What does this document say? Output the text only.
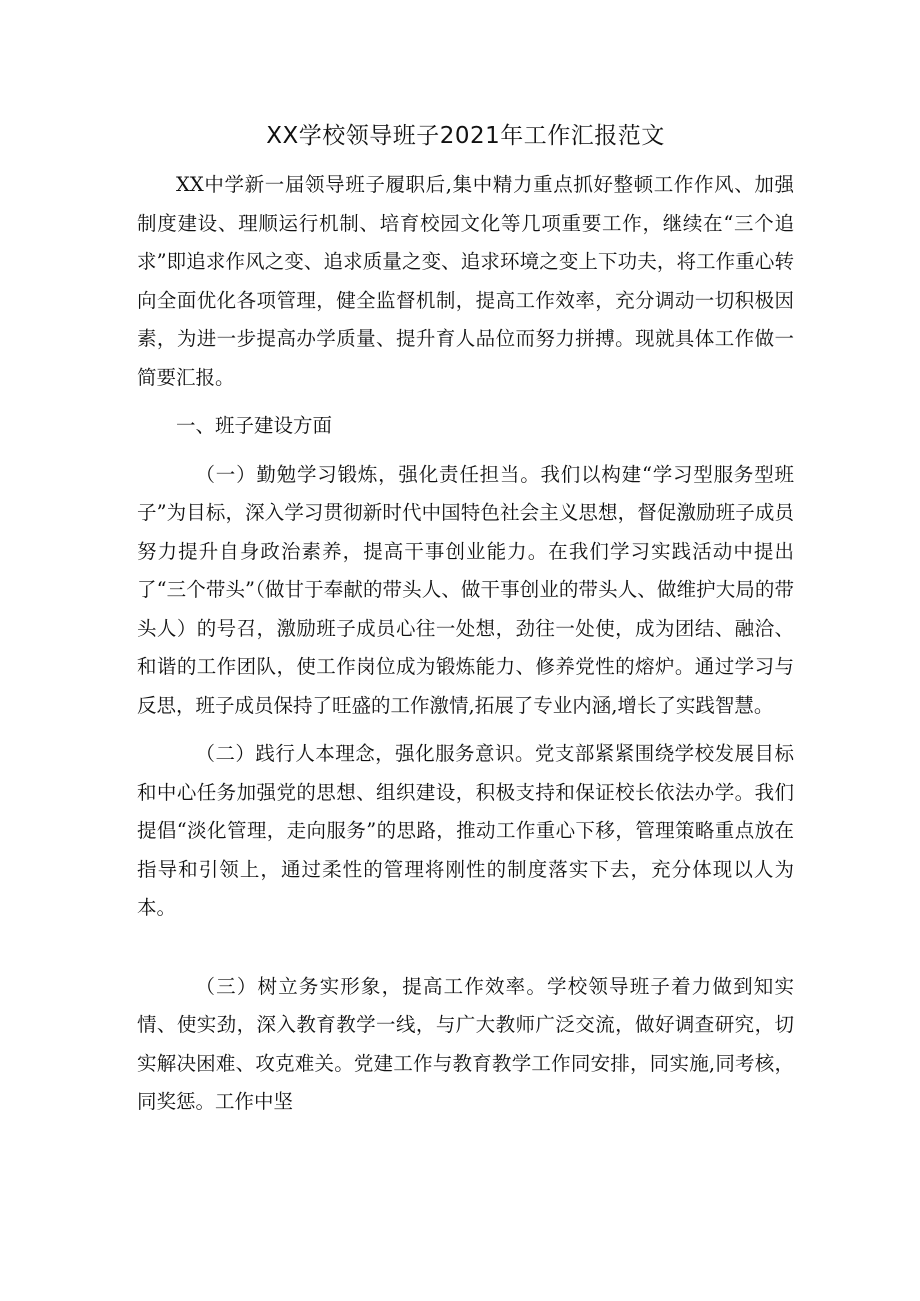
XX学校领导班子2021年工作汇报范文

XX中学新一届领导班子履职后,集中精力重点抓好整顿工作作风、加强制度建设、理顺运行机制、培育校园文化等几项重要工作，继续在“三个追求”即追求作风之变、追求质量之变、追求环境之变上下功夫，将工作重心转向全面优化各项管理，健全监督机制，提高工作效率，充分调动一切积极因素，为进一步提高办学质量、提升育人品位而努力拼搏。现就具体工作做一简要汇报。

一、班子建设方面

（一）勤勉学习锻炼，强化责任担当。我们以构建“学习型服务型班子”为目标，深入学习贯彻新时代中国特色社会主义思想，督促激励班子成员努力提升自身政治素养，提高干事创业能力。在我们学习实践活动中提出了“三个带头”（做甘于奉献的带头人、做干事创业的带头人、做维护大局的带头人）的号召，激励班子成员心往一处想，劲往一处使，成为团结、融洽、和谐的工作团队，使工作岗位成为锻炼能力、修养党性的熔炉。通过学习与反思，班子成员保持了旺盛的工作激情,拓展了专业内涵,增长了实践智慧。

（二）践行人本理念，强化服务意识。党支部紧紧围绕学校发展目标和中心任务加强党的思想、组织建设，积极支持和保证校长依法办学。我们提倡“淡化管理，走向服务”的思路，推动工作重心下移，管理策略重点放在指导和引领上，通过柔性的管理将刚性的制度落实下去，充分体现以人为本。

（三）树立务实形象，提高工作效率。学校领导班子着力做到知实情、使实劲，深入教育教学一线，与广大教师广泛交流，做好调查研究，切实解决困难、攻克难关。党建工作与教育教学工作同安排，同实施,同考核，同奖惩。工作中坚
